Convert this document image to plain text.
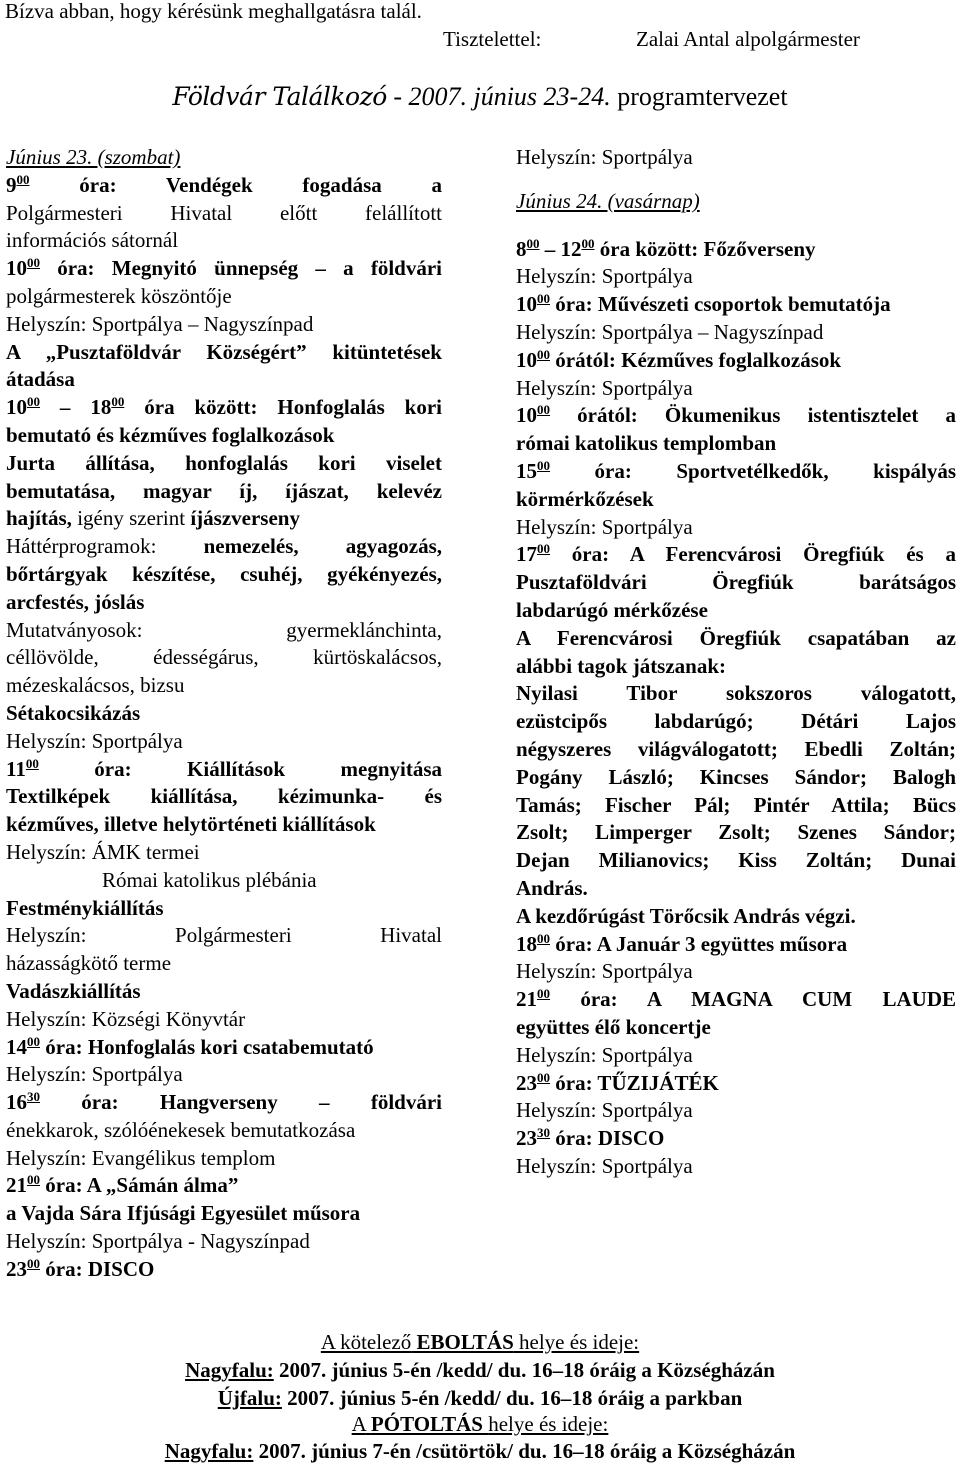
Bízva abban, hogy kérésünk meghallgatásra talál.
Tisztelettel:	Zalai Antal alpolgármester
Földvár Találkozó - 2007. június 23-24. programtervezet

Június 23. (szombat)

$9^{00}$ óra: Vendégek fogadása a

Polgármesteri Hivatal előtt felállított

információs sátornál

$10^{00}$ óra: Megnyitó ünnepség – a földvári

polgármesterek köszöntője

Helyszín: Sportpálya – Nagyszínpad

A „Pusztaföldvár Községért” kitüntetések

átadása

$10^{00} - 18^{00}$ óra között: Honfoglalás kori

bemutató és kézműves foglalkozások

Jurta állítása, honfoglalás kori viselet

bemutatása, magyar íj, íjászat, kelevéz

hajítás, igény szerint íjászverseny

Háttérprogramok: nemezelés, agyagozás,

bőrtárgyak készítése, csuhéj, gyékényezés,

arcfestés, jóslás

Mutatványosok: gyermeklánchinta,

céllövölde, édességárus, kürtöskalácsos,

mézeskalácsos, bizsu

Sétakocsikázás

Helyszín: Sportpálya

$11^{00}$	óra: Kiállítások megnyitása

Textilképek kiállítása, kézimunka- és

kézműves, illetve helytörténeti kiállítások

Helyszín: ÁMK termei

Római katolikus plébánia

Festménykiállítás

Helyszín: Polgármesteri Hivatal

házasságkötő terme

Vadászkiállítás

Helyszín: Községi Könyvtár

$14^{00}$ óra: Honfoglalás kori csatabemutató

Helyszín: Sportpálya

$16^{30}$ óra: Hangverseny – földvári

énekkarok, szólóénekesek bemutatkozása

Helyszín: Evangélikus templom

$21^{00}$ óra: A „Sámán álma”

a Vajda Sára Ifjúsági Egyesület műsora

Helyszín: Sportpálya - Nagyszínpad

$23^{00}$ óra: DISCO

Helyszín: Sportpálya

Június 24. (vasárnap)

$8^{00} - 12^{00}$ óra között: Főzőverseny

Helyszín: Sportpálya

$10^{00}$ óra: Művészeti csoportok bemutatója

Helyszín: Sportpálya – Nagyszínpad

$10^{00}$ órától: Kézműves foglalkozások

Helyszín: Sportpálya

$10^{00}$ órától: Ökumenikus istentisztelet a

római katolikus templomban

$15^{00}$ óra: Sportvetélkedők, kispályás

körmérkőzések

Helyszín: Sportpálya

$17^{00}$ óra: A Ferencvárosi Öregfiúk és a

Pusztaföldvári Öregfiúk barátságos

labdarúgó mérkőzése

A Ferencvárosi Öregfiúk csapatában az

alábbi tagok játszanak:

Nyilasi Tibor sokszoros válogatott,

ezüstcipős labdarúgó; Détári Lajos

négyszeres világválogatott; Ebedli Zoltán;

Pogány László; Kincses Sándor; Balogh

Tamás; Fischer Pál; Pintér Attila; Bücs

Zsolt; Limperger Zsolt; Szenes Sándor;

Dejan Milianovics; Kiss Zoltán; Dunai

András.

A kezdőrúgást Törőcsik András végzi.

$18^{00}$ óra: A Január 3 együttes műsora

Helyszín: Sportpálya

$21^{00}$ óra: A MAGNA CUM LAUDE

együttes élő koncertje

Helyszín: Sportpálya

$23^{00}$ óra: TŰZIJÁTÉK

Helyszín: Sportpálya

$23^{30}$ óra: DISCO

Helyszín: Sportpálya

A kötelező EBOLTÁS helye és ideje:
Nagyfalu: 2007. június 5-én /kedd/ du. 16–18 óráig a Községházán
Újfalu: 2007. június 5-én /kedd/ du. 16–18 óráig a parkban
A PÓTOLTÁS helye és ideje:
Nagyfalu: 2007. június 7-én /csütörtök/ du. 16–18 óráig a Községházán
